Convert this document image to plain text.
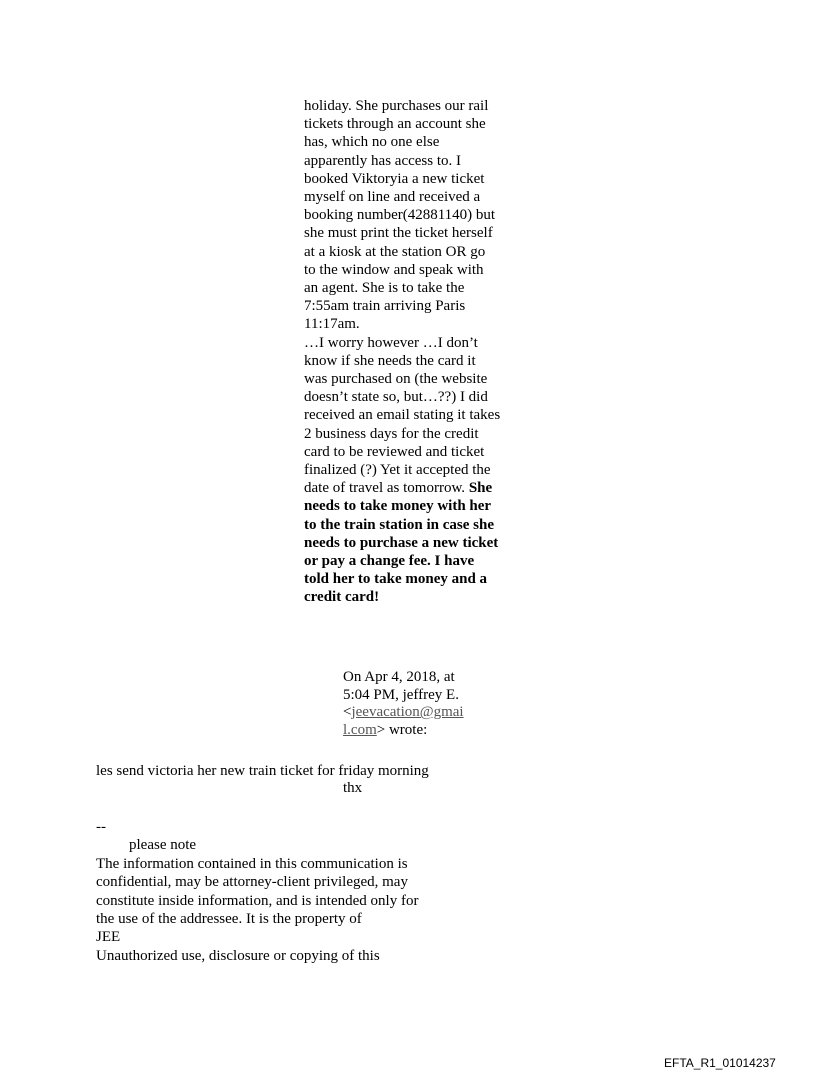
holiday. She purchases our rail
tickets through an account she
has, which no one else
apparently has access to. I
booked Viktoryia a new ticket
myself on line and received a
booking number(42881140) but
she must print the ticket herself
at a kiosk at the station OR go
to the window and speak with
an agent. She is to take the
7:55am train arriving Paris
11:17am.
…I worry however …I don’t
know if she needs the card it
was purchased on (the website
doesn’t state so, but…??) I did
received an email stating it takes
2 business days for the credit
card to be reviewed and ticket
finalized (?) Yet it accepted the
date of travel as tomorrow. She
needs to take money with her
to the train station in case she
needs to purchase a new ticket
or pay a change fee. I have
told her to take money and a
credit card!
On Apr 4, 2018, at
5:04 PM, jeffrey E.
<jeevacation@gmai
l.com> wrote:
les send victoria her new train ticket for friday morning
thx
--
please note
The information contained in this communication is
confidential, may be attorney-client privileged, may
constitute inside information, and is intended only for
the use of the addressee. It is the property of
JEE
Unauthorized use, disclosure or copying of this
EFTA_R1_01014237
